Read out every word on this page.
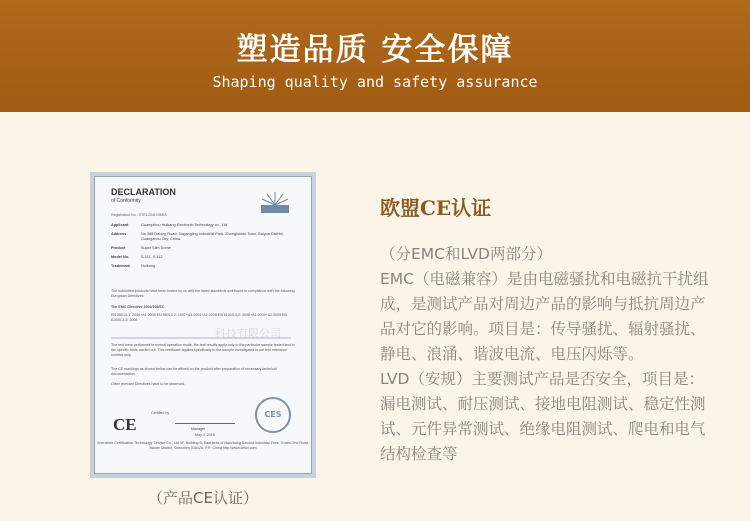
塑造品质 安全保障
Shaping quality and safety assurance
DECLARATION
of Conformity
Registration No.: STE12041036DA
Applicant	Guangzhou Huikang Electronic Technology co., Ltd
Address	No.388 Dalong Road, Dagangling Industrial Park, Zhongluotan Town, Baiyun District, Guangzhou City, China.
Product	Super Slim Dome
Model No.	S-111, S-112
Trademark	Huikang
The submitted products have been tested by us with the listed standards and found in compliance with the following European Directives:
The EMC Directive 2004/108/EC
EN 55014-1: 2006+A1:2009 EN 55014-2: 1997+A1:2001+A2:2008 EN 61000-3-2: 2006+A1:2009+A2:2009 EN 61000-3-3: 2008
The test were performed in normal operation mode, the test results apply only to the particular sample tested and to the specific tests carried out. This certificate applies specifically to the sample investigated in our test reference number only.
The CE markings as shown below can be affixed on the product after preparation of necessary technical documentation.
Other relevant Directives have to be observed.
科技有限公司
CE
CES
Certified by
Manager
May 4, 2015
Shenzhen Certification Technology Service Co., Ltd 3F, Building B, East Area of Nanchang Second Industrial Zone, Gushu 2nd Road, Baoan District, Shenzhen 518126, P.R. China http://www.cesci.com
（产品CE认证）
欧盟CE认证

（分EMC和LVD两部分）

EMC（电磁兼容）是由电磁骚扰和电磁抗干扰组成，是测试产品对周边产品的影响与抵抗周边产品对它的影响。项目是：传导骚扰、辐射骚扰、静电、浪涌、谐波电流、电压闪烁等。

LVD（安规）主要测试产品是否安全，项目是：漏电测试、耐压测试、接地电阻测试、稳定性测试、元件异常测试、绝缘电阻测试、爬电和电气结构检查等
